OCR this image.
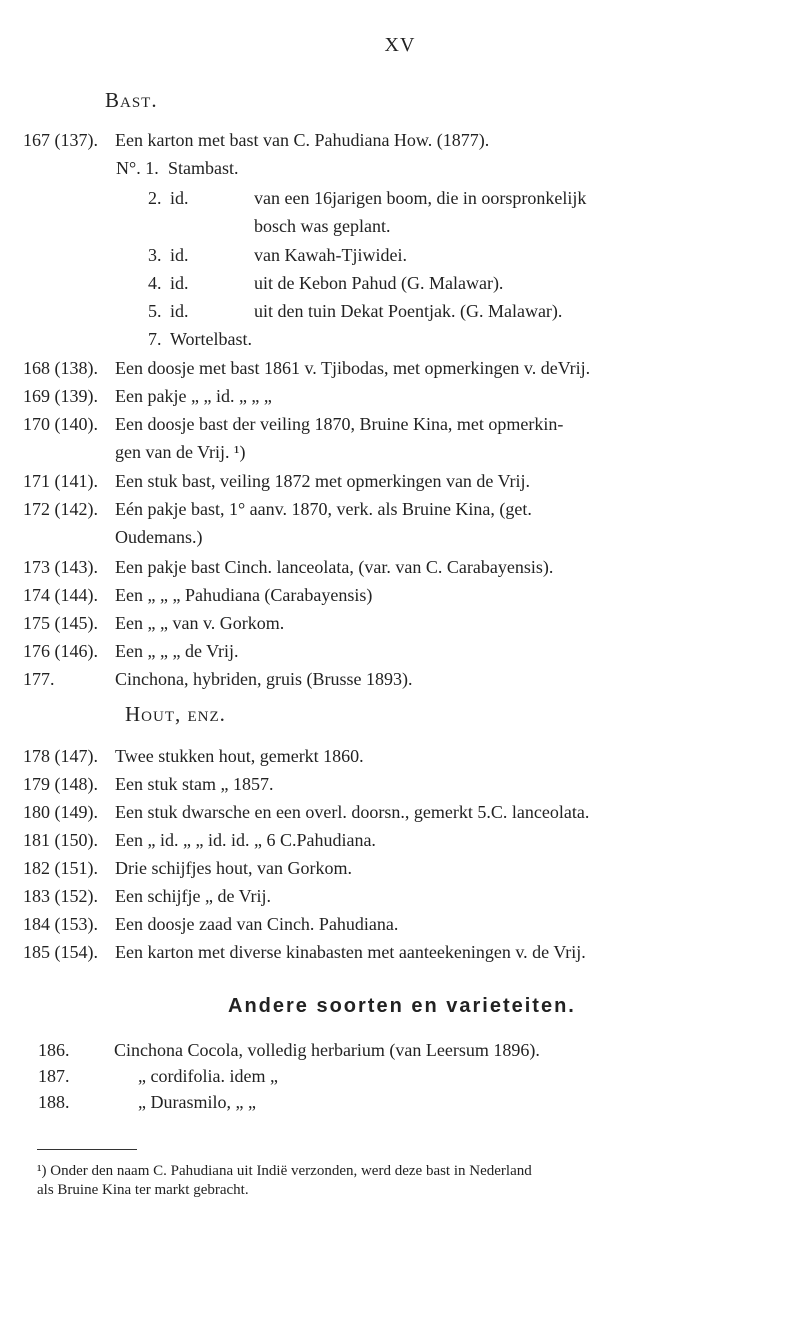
XV
Bast.
167 (137). Een karton met bast van C. Pahudiana How. (1877).
N°. 1. Stambast.
2. id.	van een 16jarigen boom, die in oorspronkelijk
bosch was geplant.
3. id.	van Kawah-Tjiwidei.
4. id.	uit de Kebon Pahud (G. Malawar).
5. id.	uit den tuin Dekat Poentjak. (G. Malawar).
7. Wortelbast.
168 (138). Een doosje met bast 1861 v. Tjibodas, met opmerkingen v. deVrij.
169 (139). Een pakje „ „ id. „ „ „
170 (140). Een doosje bast der veiling 1870, Bruine Kina, met opmerkin-
gen van de Vrij. ¹)
171 (141). Een stuk bast, veiling 1872 met opmerkingen van de Vrij.
172 (142). Eén pakje bast, 1° aanv. 1870, verk. als Bruine Kina, (get.
Oudemans.)
173 (143). Een pakje bast Cinch. lanceolata, (var. van C. Carabayensis).
174 (144). Een „ „ „ Pahudiana (Carabayensis)
175 (145). Een „ „ van v. Gorkom.
176 (146). Een „ „ „ de Vrij.
177.	Cinchona, hybriden, gruis (Brusse 1893).
Hout, enz.
178 (147). Twee stukken hout, gemerkt 1860.
179 (148). Een stuk stam „ 1857.
180 (149). Een stuk dwarsche en een overl. doorsn., gemerkt 5.C. lanceolata.
181 (150). Een „ id. „ „ id. id. „ 6 C.Pahudiana.
182 (151). Drie schijfjes hout, van Gorkom.
183 (152). Een schijfje „ de Vrij.
184 (153). Een doosje zaad van Cinch. Pahudiana.
185 (154). Een karton met diverse kinabasten met aanteekeningen v. de Vrij.
Andere soorten en varieteiten.
186. Cinchona Cocola, volledig herbarium (van Leersum 1896).
187.	„ cordifolia. idem „
188.	„ Durasmilo, „ „
¹) Onder den naam C. Pahudiana uit Indië verzonden, werd deze bast in Nederland
als Bruine Kina ter markt gebracht.
